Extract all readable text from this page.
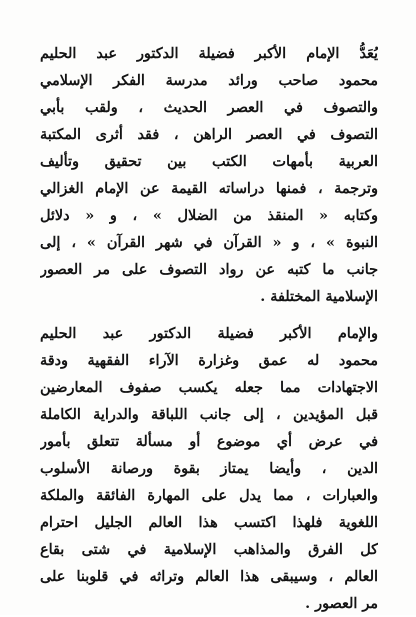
يُعَدُّ الإمام الأكبر فضيلة الدكتور عبد الحليم
محمود صاحب ورائد مدرسة الفكر الإسلامي
والتصوف في العصر الحديث ، ولقب بأبي
التصوف في العصر الراهن ، فقد أثرى المكتبة
العربية بأمهات الكتب بين تحقيق وتأليف
وترجمة ، فمنها دراساته القيمة عن الإمام الغزالي
وكتابه « المنقذ من الضلال » ، و « دلائل
النبوة » ، و « القرآن في شهر القرآن » ، إلى
جانب ما كتبه عن رواد التصوف على مر العصور
الإسلامية المختلفة .
والإمام الأكبر فضيلة الدكتور عبد الحليم
محمود له عمق وغزارة الآراء الفقهية ودقة
الاجتهادات مما جعله يكسب صفوف المعارضين
قبل المؤيدين ، إلى جانب اللباقة والدراية الكاملة
في عرض أي موضوع أو مسألة تتعلق بأمور
الدين ، وأيضا يمتاز بقوة ورصانة الأسلوب
والعبارات ، مما يدل على المهارة الفائقة والملكة
اللغوية فلهذا اكتسب هذا العالم الجليل احترام
كل الفرق والمذاهب الإسلامية في شتى بقاع
العالم ، وسيبقى هذا العالم وتراثه في قلوبنا على
مر العصور .
